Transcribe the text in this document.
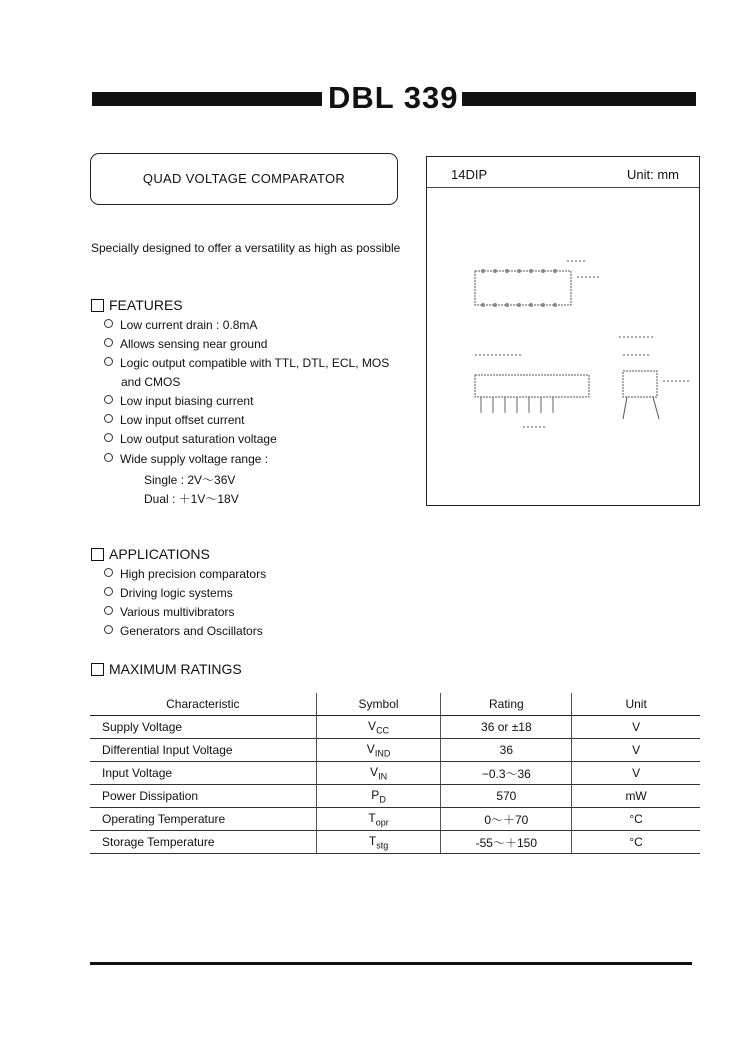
DBL 339
QUAD VOLTAGE COMPARATOR	14DIP	Unit: mm
Specially designed to offer a versatility as high as possible
FEATURES
Low current drain : 0.8mA
Allows sensing near ground
Logic output compatible with TTL, DTL, ECL, MOS
and CMOS
Low input biasing current
Low input offset current
Low output saturation voltage
Wide supply voltage range :
Single : 2V～36V
Dual : ＋1V～18V
APPLICATIONS
High precision comparators
Driving logic systems
Various multivibrators
Generators and Oscillators
MAXIMUM RATINGS
Characteristic	Symbol	Rating	Unit
Supply Voltage	$V_{CC}$	36 or ±18	V
Differential Input Voltage	$V_{IND}$	36	V
Input Voltage	$V_{IN}$	−0.3～36	V
Power Dissipation	$P_D$	570	mW
Operating Temperature	$T_{opr}$	0～＋70	°C
Storage Temperature	$T_{stg}$	-55～＋150	°C
